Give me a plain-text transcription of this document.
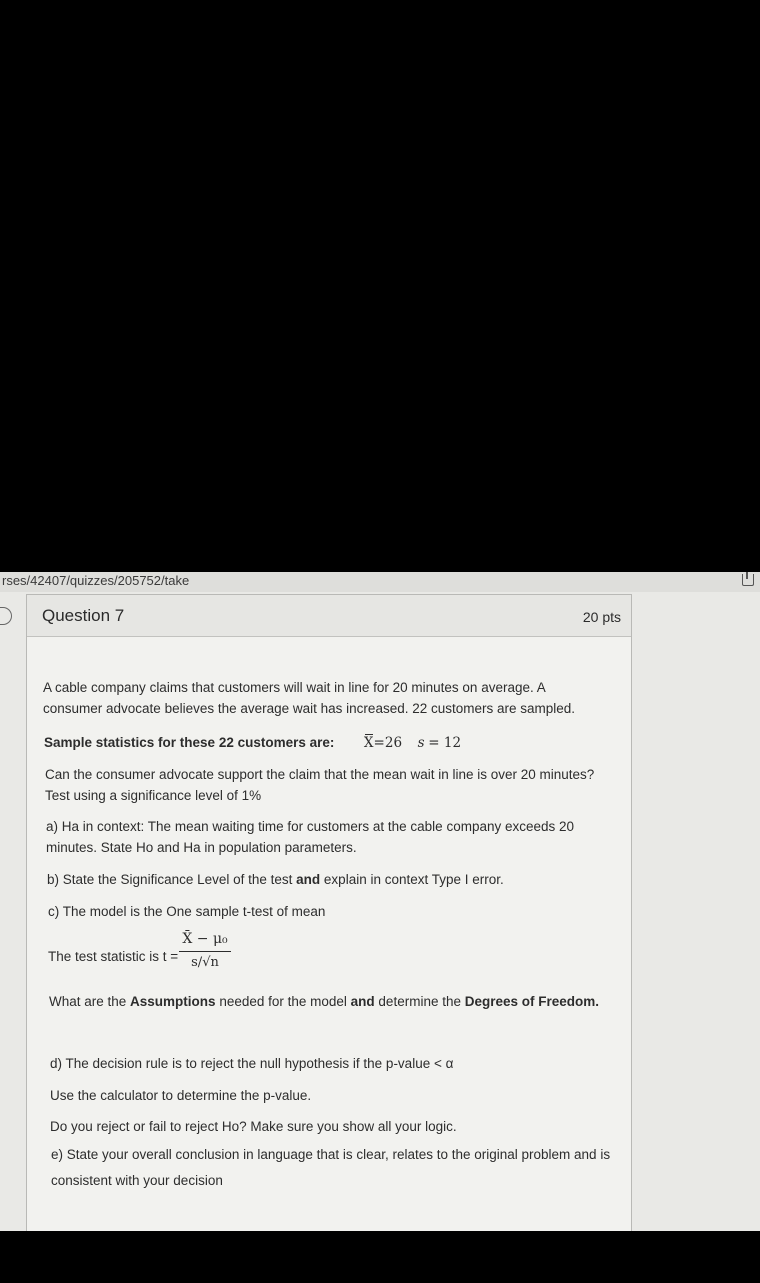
rses/42407/quizzes/205752/take
Question 7	20 pts
A cable company claims that customers will wait in line for 20 minutes on average. A
consumer advocate believes the average wait has increased. 22 customers are sampled.
Sample statistics for these 22 customers are: X=26 s = 12
Can the consumer advocate support the claim that the mean wait in line is over 20 minutes?
Test using a significance level of 1%
a) Ha in context: The mean waiting time for customers at the cable company exceeds 20
minutes. State Ho and Ha in population parameters.
b) State the Significance Level of the test and explain in context Type I error.
c) The model is the One sample t-test of mean
The test statistic is t =
X̄ − μ₀
s/√n
What are the Assumptions needed for the model and determine the Degrees of Freedom.
d) The decision rule is to reject the null hypothesis if the p-value < α
Use the calculator to determine the p-value.
Do you reject or fail to reject Ho? Make sure you show all your logic.
e) State your overall conclusion in language that is clear, relates to the original problem and is
consistent with your decision
